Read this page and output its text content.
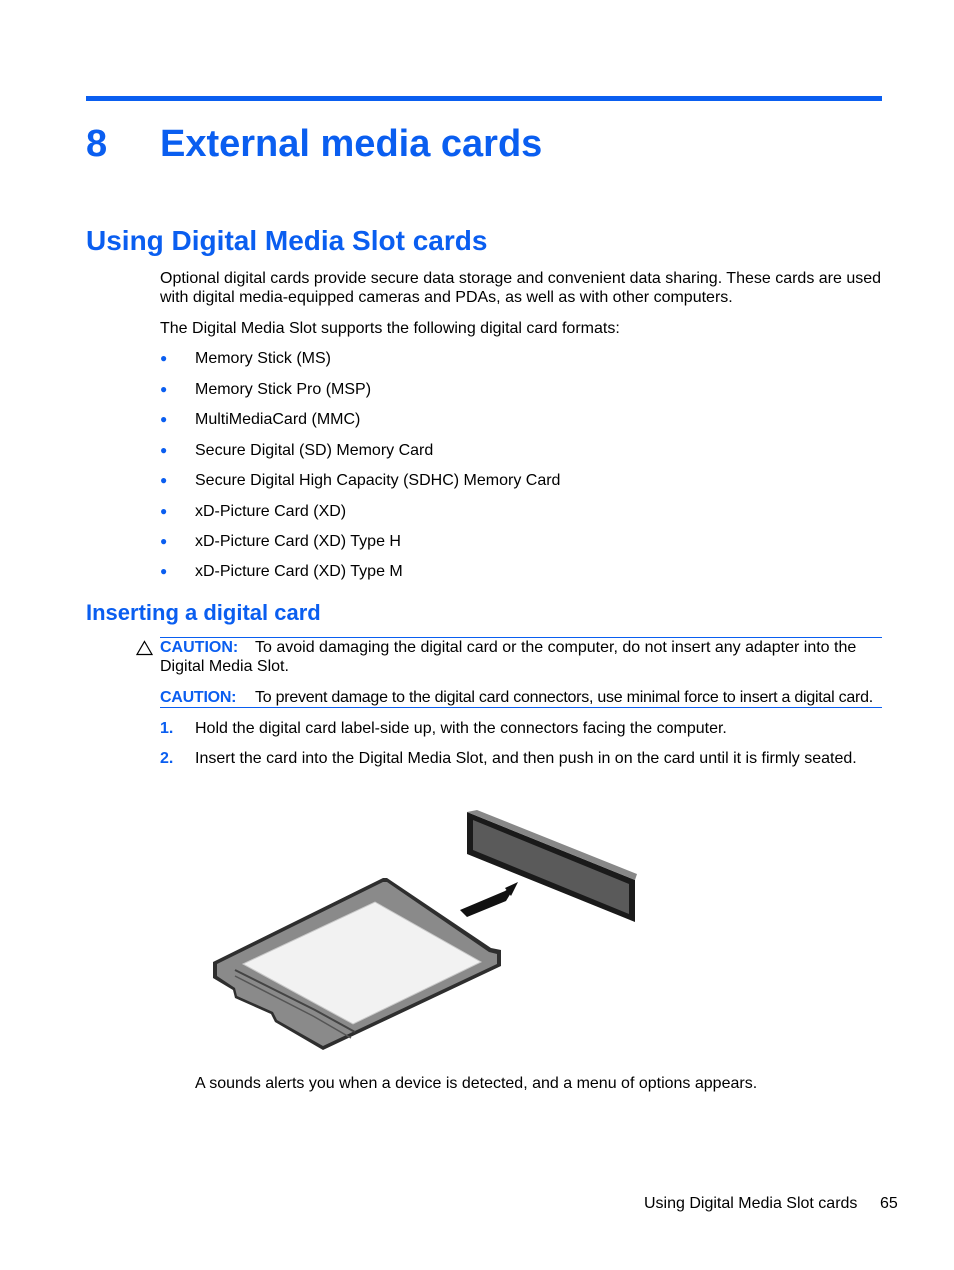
8 External media cards
Using Digital Media Slot cards
Optional digital cards provide secure data storage and convenient data sharing. These cards are used with digital media-equipped cameras and PDAs, as well as with other computers.
The Digital Media Slot supports the following digital card formats:
● Memory Stick (MS)
● Memory Stick Pro (MSP)
● MultiMediaCard (MMC)
● Secure Digital (SD) Memory Card
● Secure Digital High Capacity (SDHC) Memory Card
● xD-Picture Card (XD)
● xD-Picture Card (XD) Type H
● xD-Picture Card (XD) Type M
Inserting a digital card
CAUTION: To avoid damaging the digital card or the computer, do not insert any adapter into the Digital Media Slot.
CAUTION: To prevent damage to the digital card connectors, use minimal force to insert a digital card.
1. Hold the digital card label-side up, with the connectors facing the computer.
2. Insert the card into the Digital Media Slot, and then push in on the card until it is firmly seated.
A sounds alerts you when a device is detected, and a menu of options appears.
Using Digital Media Slot cards 65
